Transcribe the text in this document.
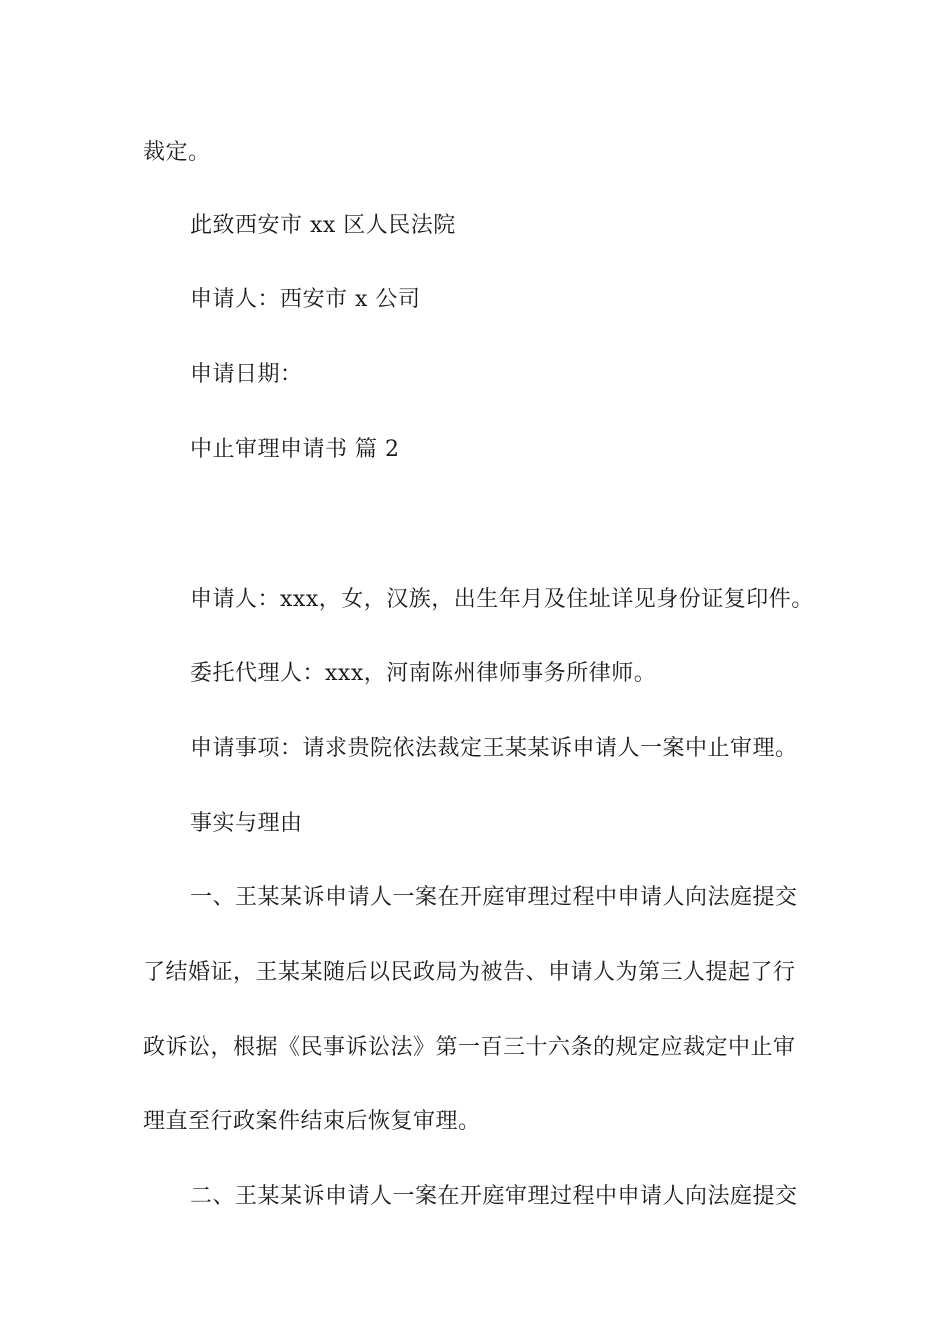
裁定。
此致西安市 xx 区人民法院
申请人：西安市 x 公司
申请日期：
中止审理申请书 篇 2
申请人：xxx，女，汉族，出生年月及住址详见身份证复印件。
委托代理人：xxx，河南陈州律师事务所律师。
申请事项：请求贵院依法裁定王某某诉申请人一案中止审理。
事实与理由
一、王某某诉申请人一案在开庭审理过程中申请人向法庭提交
了结婚证，王某某随后以民政局为被告、申请人为第三人提起了行
政诉讼，根据《民事诉讼法》第一百三十六条的规定应裁定中止审
理直至行政案件结束后恢复审理。
二、王某某诉申请人一案在开庭审理过程中申请人向法庭提交
